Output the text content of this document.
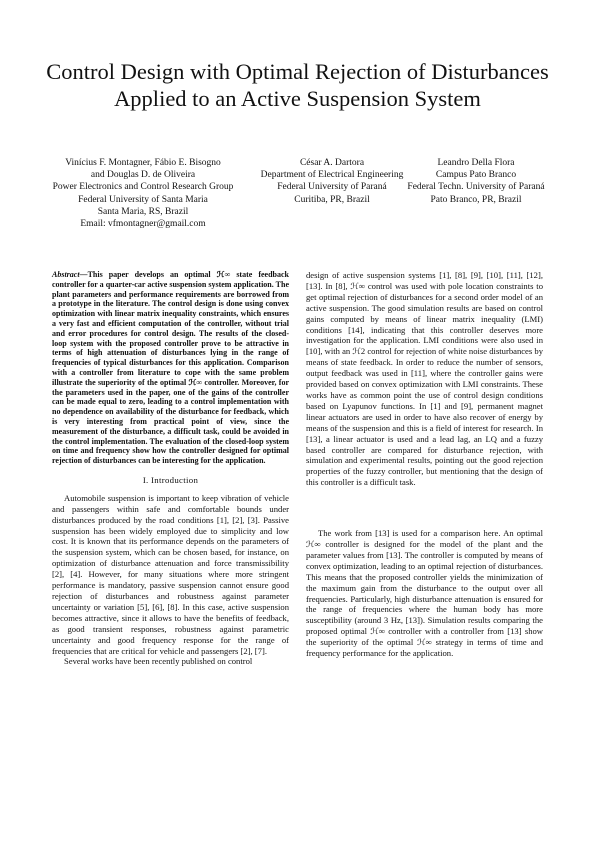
Control Design with Optimal Rejection of Disturbances Applied to an Active Suspension System
Vinícius F. Montagner, Fábio E. Bisogno
and Douglas D. de Oliveira
Power Electronics and Control Research Group
Federal University of Santa Maria
Santa Maria, RS, Brazil
Email: vfmontagner@gmail.com
César A. Dartora
Department of Electrical Engineering
Federal University of Paraná
Curitiba, PR, Brazil
Leandro Della Flora
Campus Pato Branco
Federal Techn. University of Paraná
Pato Branco, PR, Brazil
Abstract—This paper develops an optimal ℋ∞ state feedback controller for a quarter-car active suspension system application. The plant parameters and performance requirements are borrowed from a prototype in the literature. The control design is done using convex optimization with linear matrix inequality constraints, which ensures a very fast and efficient computation of the controller, without trial and error procedures for control design. The results of the closed-loop system with the proposed controller prove to be attractive in terms of high attenuation of disturbances lying in the range of frequencies of typical disturbances for this application. Comparison with a controller from literature to cope with the same problem illustrate the superiority of the optimal ℋ∞ controller. Moreover, for the parameters used in the paper, one of the gains of the controller can be made equal to zero, leading to a control implementation with no dependence on availability of the disturbance for feedback, which is very interesting from practical point of view, since the measurement of the disturbance, a difficult task, could be avoided in the control implementation. The evaluation of the closed-loop system on time and frequency show how the controller designed for optimal rejection of disturbances can be interesting for the application.
I. Introduction

Automobile suspension is important to keep vibration of vehicle and passengers within safe and comfortable bounds under disturbances produced by the road conditions [1], [2], [3]. Passive suspension has been widely employed due to simplicity and low cost. It is known that its performance depends on the parameters of the suspension system, which can be chosen based, for instance, on optimization of disturbance attenuation and force transmissibility [2], [4]. However, for many situations where more stringent performance is mandatory, passive suspension cannot ensure good rejection of disturbances and robustness against parameter uncertainty or variation [5], [6], [8]. In this case, active suspension becomes attractive, since it allows to have the benefits of feedback, as good transient responses, robustness against parametric uncertainty and good frequency response for the range of frequencies that are critical for vehicle and passengers [2], [7].

Several works have been recently published on control

design of active suspension systems [1], [8], [9], [10], [11], [12], [13]. In [8], ℋ∞ control was used with pole location constraints to get optimal rejection of disturbances for a second order model of an active suspension. The good simulation results are based on control gains computed by means of linear matrix inequality (LMI) conditions [14], indicating that this controller deserves more investigation for the application. LMI conditions were also used in [10], with an ℋ2 control for rejection of white noise disturbances by means of state feedback. In order to reduce the number of sensors, output feedback was used in [11], where the controller gains were provided based on convex optimization with LMI constraints. These works have as common point the use of control design conditions based on Lyapunov functions. In [1] and [9], permanent magnet linear actuators are used in order to have also recover of energy by means of the suspension and this is a field of interest for research. In [13], a linear actuator is used and a lead lag, an LQ and a fuzzy based controller are compared for disturbance rejection, with simulation and experimental results, pointing out the good rejection properties of the fuzzy controller, but mentioning that the design of this controller is a difficult task.

The work from [13] is used for a comparison here. An optimal ℋ∞ controller is designed for the model of the plant and the parameter values from [13]. The controller is computed by means of convex optimization, leading to an optimal rejection of disturbances. This means that the proposed controller yields the minimization of the maximum gain from the disturbance to the output over all frequencies. Particularly, high disturbance attenuation is ensured for the range of frequencies where the human body has more susceptibility (around 3 Hz, [13]). Simulation results comparing the proposed optimal ℋ∞ controller with a controller from [13] show the superiority of the optimal ℋ∞ strategy in terms of time and frequency performance for the application.
